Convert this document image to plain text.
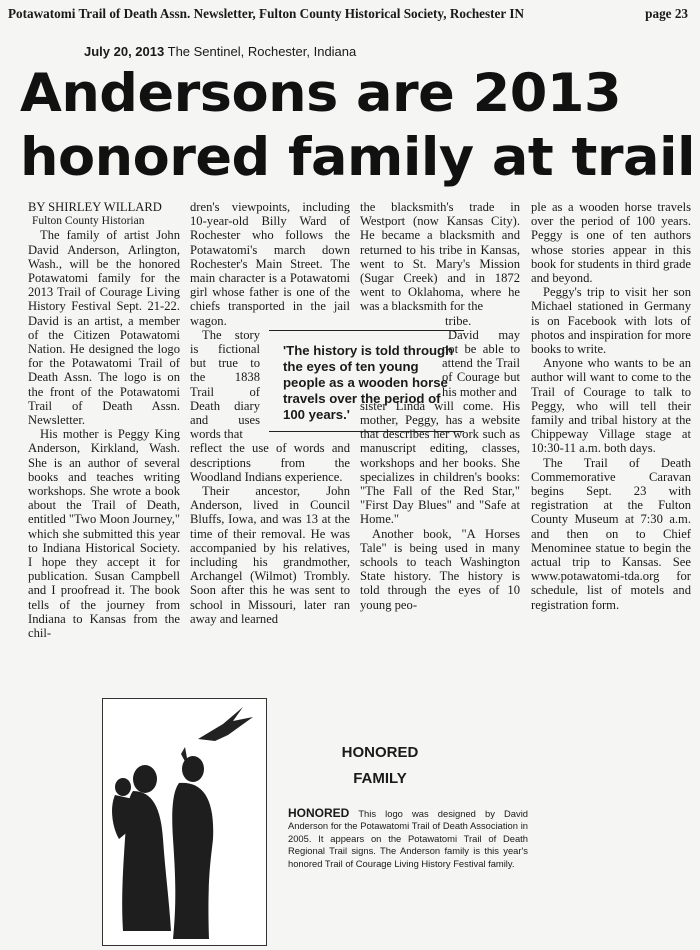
Potawatomi Trail of Death Assn. Newsletter, Fulton County Historical Society, Rochester IN	page 23
July 20, 2013 The Sentinel, Rochester, Indiana
Andersons are 2013
honored family at trail

BY SHIRLEY WILLARD

Fulton County Historian

The family of artist John David Anderson, Arlington, Wash., will be the honored Potawatomi family for the 2013 Trail of Courage Living History Festival Sept. 21-22. David is an artist, a member of the Citizen Potawatomi Nation. He designed the logo for the Potawatomi Trail of Death Assn. The logo is on the front of the Potawatomi Trail of Death Assn. Newsletter.

His mother is Peggy King Anderson, Kirkland, Wash. She is an author of several books and teaches writing workshops. She wrote a book about the Trail of Death, entitled "Two Moon Journey," which she submitted this year to Indiana Historical Society. I hope they accept it for publication. Susan Campbell and I proofread it. The book tells of the journey from Indiana to Kansas from the chil-

dren's viewpoints, including 10-year-old Billy Ward of Rochester who follows the Potawatomi's march down Rochester's Main Street. The main character is a Potawatomi girl whose father is one of the chiefs transported in the jail wagon.

The story is fictional but true to the 1838 Trail of Death diary and uses words that

reflect the use of words and descriptions from the Woodland Indians experience.

Their ancestor, John Anderson, lived in Council Bluffs, Iowa, and was 13 at the time of their removal. He was accompanied by his relatives, including his grandmother, Archangel (Wilmot) Trombly. Soon after this he was sent to school in Missouri, later ran away and learned

the blacksmith's trade in Westport (now Kansas City). He became a blacksmith and returned to his tribe in Kansas, went to St. Mary's Mission (Sugar Creek) and in 1872 went to Oklahoma, where he was a blacksmith for the

tribe.

David may not be able to attend the Trail of Courage but his mother and

sister Linda will come. His mother, Peggy, has a website that describes her work such as manuscript editing, classes, workshops and her books. She specializes in children's books: "The Fall of the Red Star," "First Day Blues" and "Safe at Home."

Another book, "A Horses Tale" is being used in many schools to teach Washington State history. The history is told through the eyes of 10 young peo-

ple as a wooden horse travels over the period of 100 years. Peggy is one of ten authors whose stories appear in this book for students in third grade and beyond.

Peggy's trip to visit her son Michael stationed in Germany is on Facebook with lots of photos and inspiration for more books to write.

Anyone who wants to be an author will want to come to the Trail of Courage to talk to Peggy, who will tell their family and tribal history at the Chippeway Village stage at 10:30-11 a.m. both days.

The Trail of Death Commemorative Caravan begins Sept. 23 with registration at the Fulton County Museum at 7:30 a.m. and then on to Chief Menominee statue to begin the actual trip to Kansas. See www.potawatomi-tda.org for schedule, list of motels and registration form.

'The history is told through the eyes of ten young people as a wooden horse travels over the period of 100 years.'
HONORED
FAMILY
HONORED This logo was designed by David Anderson for the Potawatomi Trail of Death Association in 2005. It appears on the Potawatomi Trail of Death Regional Trail signs. The Anderson family is this year's honored Trail of Courage Living History Festival family.
